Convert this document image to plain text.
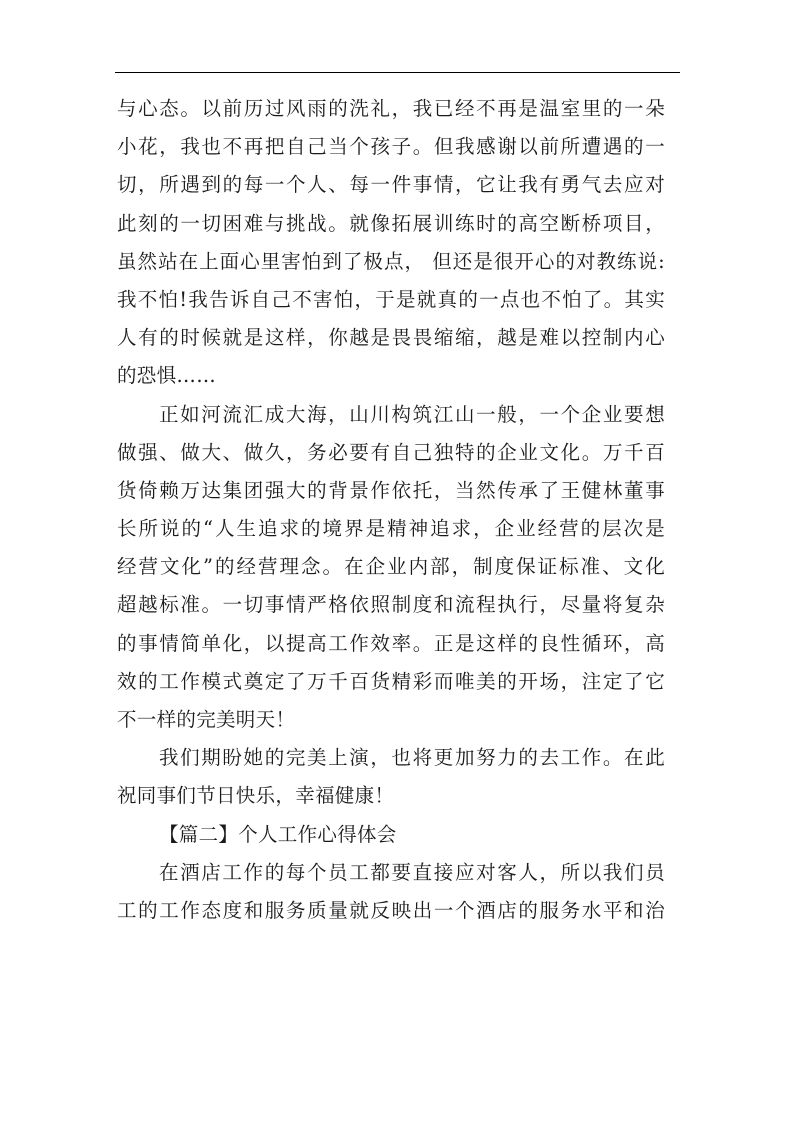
与心态。以前历过风雨的洗礼，我已经不再是温室里的一朵
小花，我也不再把自己当个孩子。但我感谢以前所遭遇的一
切，所遇到的每一个人、每一件事情，它让我有勇气去应对
此刻的一切困难与挑战。就像拓展训练时的高空断桥项目，
虽然站在上面心里害怕到了极点， 但还是很开心的对教练说:
我不怕!我告诉自己不害怕，于是就真的一点也不怕了。其实
人有的时候就是这样，你越是畏畏缩缩，越是难以控制内心
的恐惧……
正如河流汇成大海，山川构筑江山一般，一个企业要想
做强、做大、做久，务必要有自己独特的企业文化。万千百
货倚赖万达集团强大的背景作依托，当然传承了王健林董事
长所说的“人生追求的境界是精神追求，企业经营的层次是
经营文化”的经营理念。在企业内部，制度保证标准、文化
超越标准。一切事情严格依照制度和流程执行，尽量将复杂
的事情简单化，以提高工作效率。正是这样的良性循环，高
效的工作模式奠定了万千百货精彩而唯美的开场，注定了它
不一样的完美明天！
我们期盼她的完美上演，也将更加努力的去工作。在此
祝同事们节日快乐，幸福健康！
【篇二】个人工作心得体会
在酒店工作的每个员工都要直接应对客人，所以我们员
工的工作态度和服务质量就反映出一个酒店的服务水平和治
